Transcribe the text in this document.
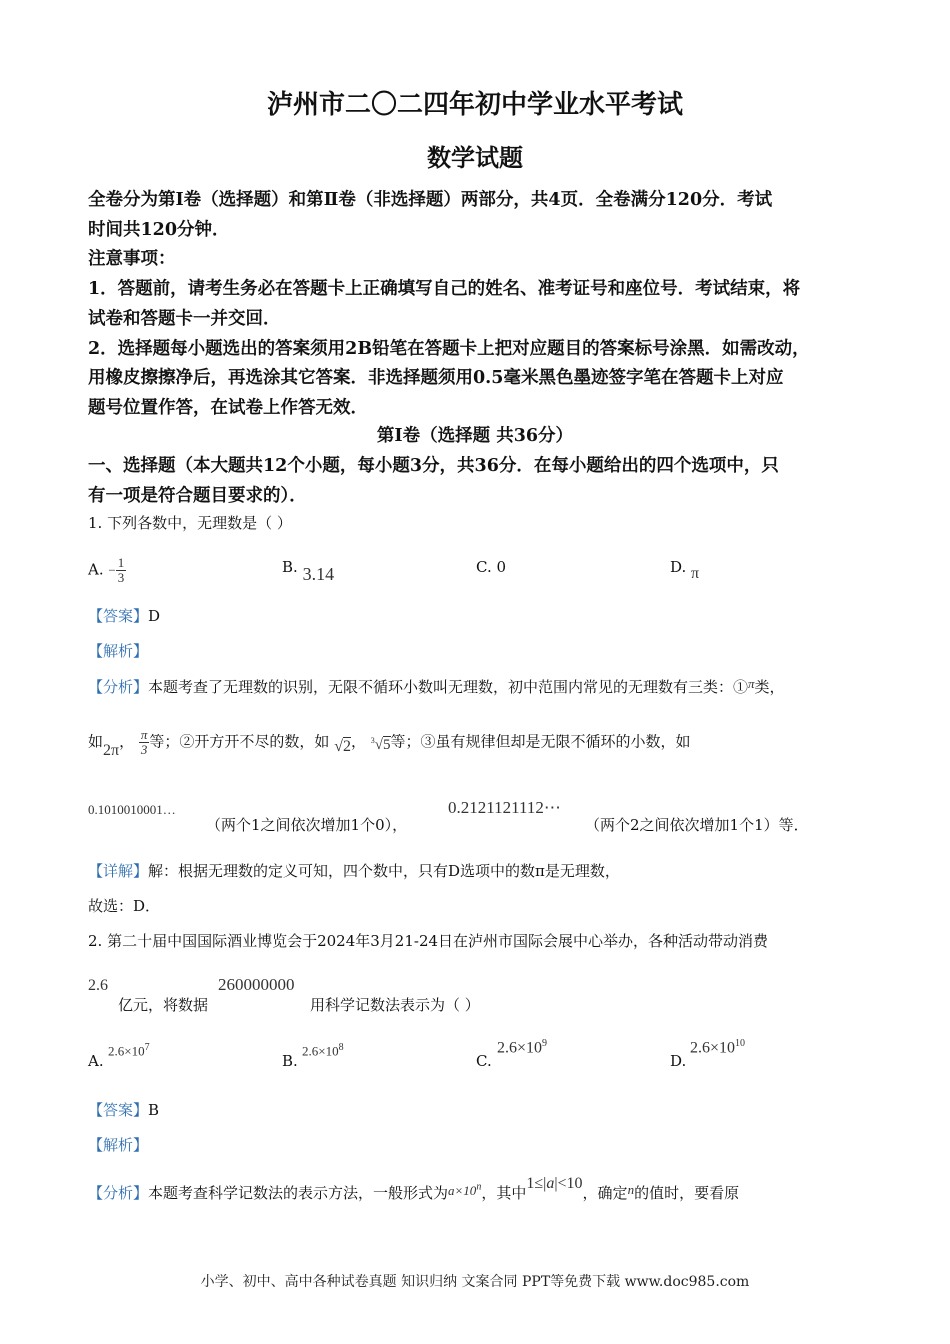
泸州市二〇二四年初中学业水平考试
数学试题
全卷分为第Ⅰ卷（选择题）和第Ⅱ卷（非选择题）两部分，共4页．全卷满分120分．考试
时间共120分钟．
注意事项：
1．答题前，请考生务必在答题卡上正确填写自己的姓名、准考证号和座位号．考试结束，将
试卷和答题卡一并交回．
2．选择题每小题选出的答案须用2B铅笔在答题卡上把对应题目的答案标号涂黑．如需改动，
用橡皮擦擦净后，再选涂其它答案．非选择题须用0.5毫米黑色墨迹签字笔在答题卡上对应
题号位置作答，在试卷上作答无效．
第Ⅰ卷（选择题 共36分）
一、选择题（本大题共12个小题，每小题3分，共36分．在每小题给出的四个选项中，只
有一项是符合题目要求的）．
1. 下列各数中，无理数是（ ）
A. − $\frac{1}{3}$	B. 3.14	C. 0	D. π
【答案】D
【解析】
【分析】本题考查了无理数的识别，无限不循环小数叫无理数，初中范围内常见的无理数有三类：①π类，
如2π， $\frac{\pi}{3}$ 等；②开方开不尽的数，如 √2， $^3$√5等；③虽有规律但却是无限不循环的小数，如
0.1010010001…
（两个1之间依次增加1个0），
0.2121121112⋯
（两个2之间依次增加1个1）等．
【详解】解：根据无理数的定义可知，四个数中，只有D选项中的数π是无理数，
故选：D．
2. 第二十届中国国际酒业博览会于2024年3月21-24日在泸州市国际会展中心举办，各种活动带动消费
2.6
亿元，将数据
260000000
用科学记数法表示为（ ）
A.
$2.6\times 10^7$
B.
$2.6\times 10^8$
C.
$2.6\times 10^9$
D.
$2.6\times 10^{10}$
【答案】B
【解析】
【分析】本题考查科学记数法的表示方法，一般形式为$a\times 10^n$，其中1≤|a|<10，确定n的值时，要看原
小学、初中、高中各种试卷真题 知识归纳 文案合同 PPT等免费下载 www.doc985.com
